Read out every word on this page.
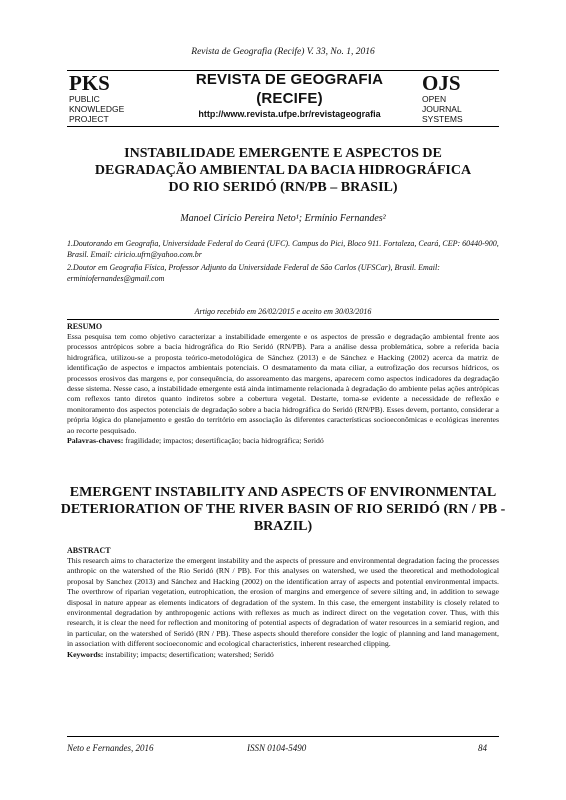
Revista de Geografia (Recife) V. 33, No. 1, 2016
PKS
PUBLIC
KNOWLEDGE
PROJECT
REVISTA DE GEOGRAFIA
(RECIFE)
http://www.revista.ufpe.br/revistageografia
OJS
OPEN
JOURNAL
SYSTEMS
INSTABILIDADE EMERGENTE E ASPECTOS DE
DEGRADAÇÃO AMBIENTAL DA BACIA HIDROGRÁFICA
DO RIO SERIDÓ (RN/PB – BRASIL)
Manoel Cirício Pereira Neto¹; Ermínio Fernandes²

1.Doutorando em Geografia, Universidade Federal do Ceará (UFC). Campus do Pici, Bloco 911. Fortaleza, Ceará, CEP: 60440-900, Brasil. Email: ciricio.ufrn@yahoo.com.br

2.Doutor em Geografia Física, Professor Adjunto da Universidade Federal de São Carlos (UFSCar), Brasil. Email: erminiofernandes@gmail.com

Artigo recebido em 26/02/2015 e aceito em 30/03/2016
RESUMO

Essa pesquisa tem como objetivo caracterizar a instabilidade emergente e os aspectos de pressão e degradação ambiental frente aos processos antrópicos sobre a bacia hidrográfica do Rio Seridó (RN/PB). Para a análise dessa problemática, sobre a referida bacia hidrográfica, utilizou-se a proposta teórico-metodológica de Sánchez (2013) e de Sánchez e Hacking (2002) acerca da matriz de identificação de aspectos e impactos ambientais potenciais. O desmatamento da mata ciliar, a eutrofização dos recursos hídricos, os processos erosivos das margens e, por consequência, do assoreamento das margens, aparecem como aspectos indicadores da degradação desse sistema. Nesse caso, a instabilidade emergente está ainda intimamente relacionada à degradação do ambiente pelas ações antrópicas com reflexos tanto diretos quanto indiretos sobre a cobertura vegetal. Destarte, torna-se evidente a necessidade de reflexão e monitoramento dos aspectos potenciais de degradação sobre a bacia hidrográfica do Seridó (RN/PB). Esses devem, portanto, considerar a própria lógica do planejamento e gestão do território em associação às diferentes características socioeconômicas e ecológicas inerentes ao recorte pesquisado.

Palavras-chaves: fragilidade; impactos; desertificação; bacia hidrográfica; Seridó

EMERGENT INSTABILITY AND ASPECTS OF ENVIRONMENTAL
DETERIORATION OF THE RIVER BASIN OF RIO SERIDÓ (RN / PB -
BRAZIL)
ABSTRACT

This research aims to characterize the emergent instability and the aspects of pressure and environmental degradation facing the processes anthropic on the watershed of the Rio Seridó (RN / PB). For this analyses on watershed, we used the theoretical and methodological proposal by Sanchez (2013) and Sánchez and Hacking (2002) on the identification array of aspects and potential environmental impacts. The overthrow of riparian vegetation, eutrophication, the erosion of margins and emergence of severe silting and, in addition to sewage disposal in nature appear as elements indicators of degradation of the system. In this case, the emergent instability is closely related to environmental degradation by anthropogenic actions with reflexes as much as indirect direct on the vegetation cover. Thus, with this research, it is clear the need for reflection and monitoring of potential aspects of degradation of water resources in a semiarid region, and in particular, on the watershed of Seridó (RN / PB). These aspects should therefore consider the logic of planning and land management, in association with different socioeconomic and ecological characteristics, inherent researched clipping.

Keywords: instability; impacts; desertification; watershed; Seridó

Neto e Fernandes, 2016	ISSN 0104-5490	84
